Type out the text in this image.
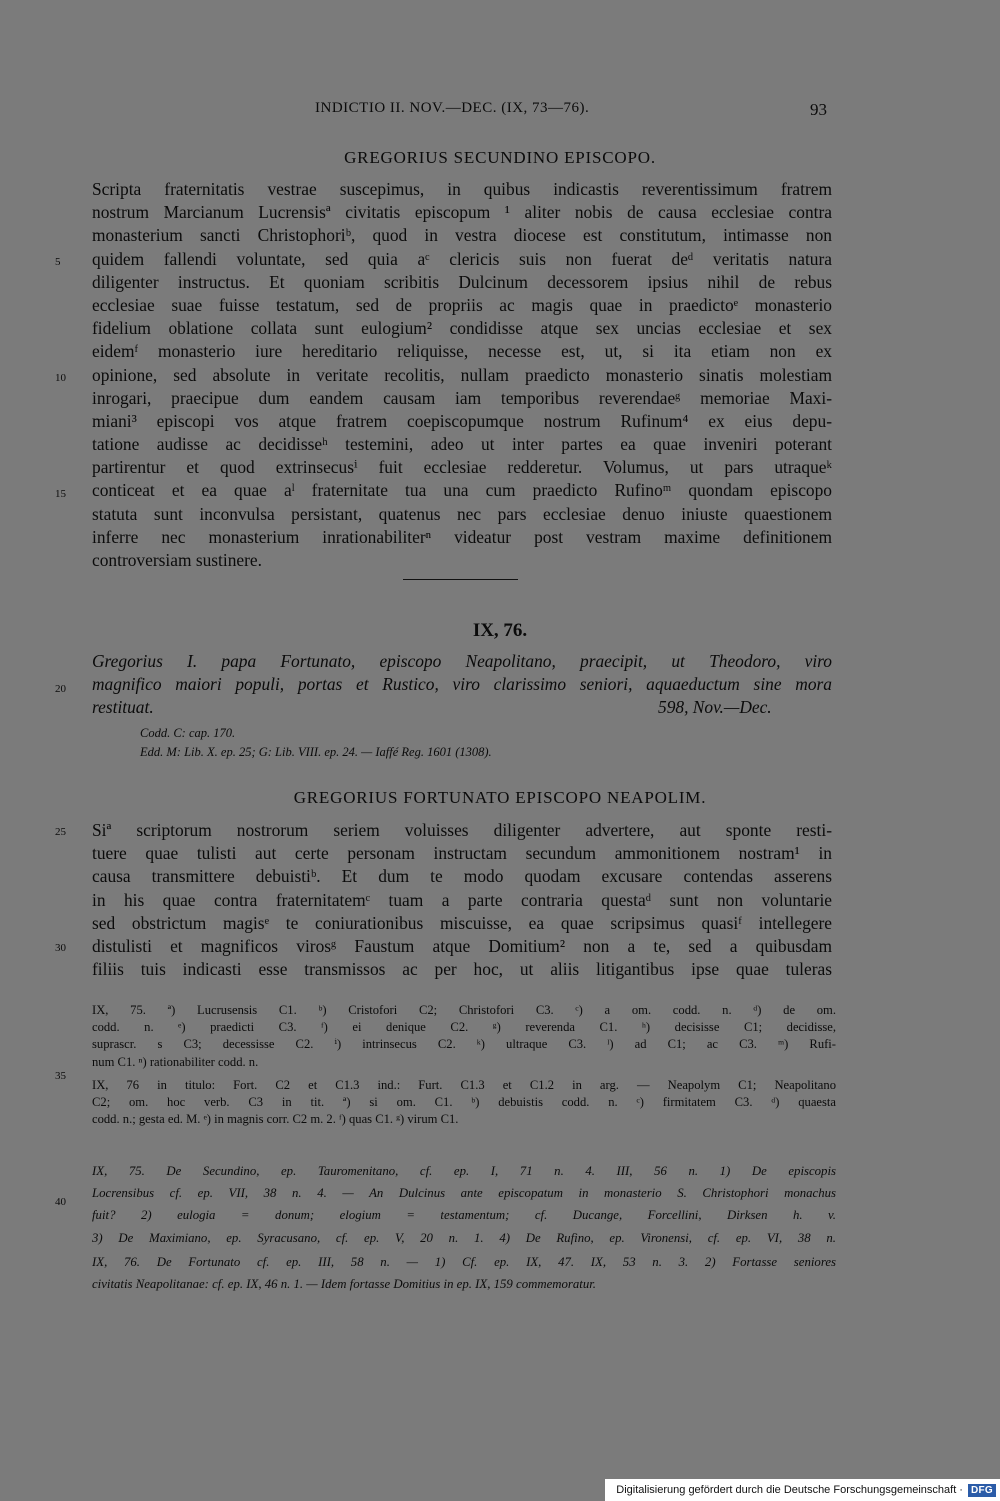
INDICTIO II. NOV.—DEC. (IX, 73—76).	93
GREGORIUS SECUNDINO EPISCOPO.
Scripta fraternitatis vestrae suscepimus, in quibus indicastis reverentissimum fratrem
nostrum Marcianum Lucrensisª civitatis episcopum ¹ aliter nobis de causa ecclesiae contra
monasterium sancti Christophoriᵇ, quod in vestra diocese est constitutum, intimasse non
quidem fallendi voluntate, sed quia aᶜ clericis suis non fuerat deᵈ veritatis natura
diligenter instructus. Et quoniam scribitis Dulcinum decessorem ipsius nihil de rebus
ecclesiae suae fuisse testatum, sed de propriis ac magis quae in praedictoᵉ monasterio
fidelium oblatione collata sunt eulogium² condidisse atque sex uncias ecclesiae et sex
eidemᶠ monasterio iure hereditario reliquisse, necesse est, ut, si ita etiam non ex
opinione, sed absolute in veritate recolitis, nullam praedicto monasterio sinatis molestiam
inrogari, praecipue dum eandem causam iam temporibus reverendaeᵍ memoriae Maxi-
miani³ episcopi vos atque fratrem coepiscopumque nostrum Rufinum⁴ ex eius depu-
tatione audisse ac decidisseʰ testemini, adeo ut inter partes ea quae inveniri poterant
partirentur et quod extrinsecusⁱ fuit ecclesiae redderetur. Volumus, ut pars utraqueᵏ
conticeat et ea quae aˡ fraternitate tua una cum praedicto Rufinoᵐ quondam episcopo
statuta sunt inconvulsa persistant, quatenus nec pars ecclesiae denuo iniuste quaestionem
inferre nec monasterium inrationabiliterⁿ videatur post vestram maxime definitionem
controversiam sustinere.
5
10
15
20
25
30
35
40
IX, 76.
Gregorius I. papa Fortunato, episcopo Neapolitano, praecipit, ut Theodoro, viro
magnifico maiori populi, portas et Rustico, viro clarissimo seniori, aquaeductum sine mora
restituat.	598, Nov.—Dec.
Codd. C: cap. 170.
Edd. M: Lib. X. ep. 25; G: Lib. VIII. ep. 24. — Iaffé Reg. 1601 (1308).
GREGORIUS FORTUNATO EPISCOPO NEAPOLIM.
Siª scriptorum nostrorum seriem voluisses diligenter advertere, aut sponte resti-
tuere quae tulisti aut certe personam instructam secundum ammonitionem nostram¹ in
causa transmittere debuistiᵇ. Et dum te modo quodam excusare contendas asserens
in his quae contra fraternitatemᶜ tuam a parte contraria questaᵈ sunt non voluntarie
sed obstrictum magisᵉ te coniurationibus miscuisse, ea quae scripsimus quasiᶠ intellegere
distulisti et magnificos virosᵍ Faustum atque Domitium² non a te, sed a quibusdam
filiis tuis indicasti esse transmissos ac per hoc, ut aliis litigantibus ipse quae tuleras
IX, 75. ª) Lucrusensis C1. ᵇ) Cristofori C2; Christofori C3. ᶜ) a om. codd. n. ᵈ) de om.
codd. n. ᵉ) praedicti C3. ᶠ) ei denique C2. ᵍ) reverenda C1. ʰ) decisisse C1; decidisse,
suprascr. s C3; decessisse C2. ⁱ) intrinsecus C2. ᵏ) ultraque C3. ˡ) ad C1; ac C3. ᵐ) Rufi-
num C1. ⁿ) rationabiliter codd. n.
IX, 76 in titulo: Fort. C2 et C1.3 ind.: Furt. C1.3 et C1.2 in arg. — Neapolym C1; Neapolitano
C2; om. hoc verb. C3 in tit. ª) si om. C1. ᵇ) debuistis codd. n. ᶜ) firmitatem C3. ᵈ) quaesta
codd. n.; gesta ed. M. ᵉ) in magnis corr. C2 m. 2. ᶠ) quas C1. ᵍ) virum C1.
IX, 75. De Secundino, ep. Tauromenitano, cf. ep. I, 71 n. 4. III, 56 n. 1) De episcopis
Locrensibus cf. ep. VII, 38 n. 4. — An Dulcinus ante episcopatum in monasterio S. Christophori monachus
fuit? 2) eulogia = donum; elogium = testamentum; cf. Ducange, Forcellini, Dirksen h. v.
3) De Maximiano, ep. Syracusano, cf. ep. V, 20 n. 1. 4) De Rufino, ep. Vironensi, cf. ep. VI, 38 n.
IX, 76. De Fortunato cf. ep. III, 58 n. — 1) Cf. ep. IX, 47. IX, 53 n. 3. 2) Fortasse seniores
civitatis Neapolitanae: cf. ep. IX, 46 n. 1. — Idem fortasse Domitius in ep. IX, 159 commemoratur.
Digitalisierung gefördert durch die Deutsche Forschungsgemeinschaft · DFG
